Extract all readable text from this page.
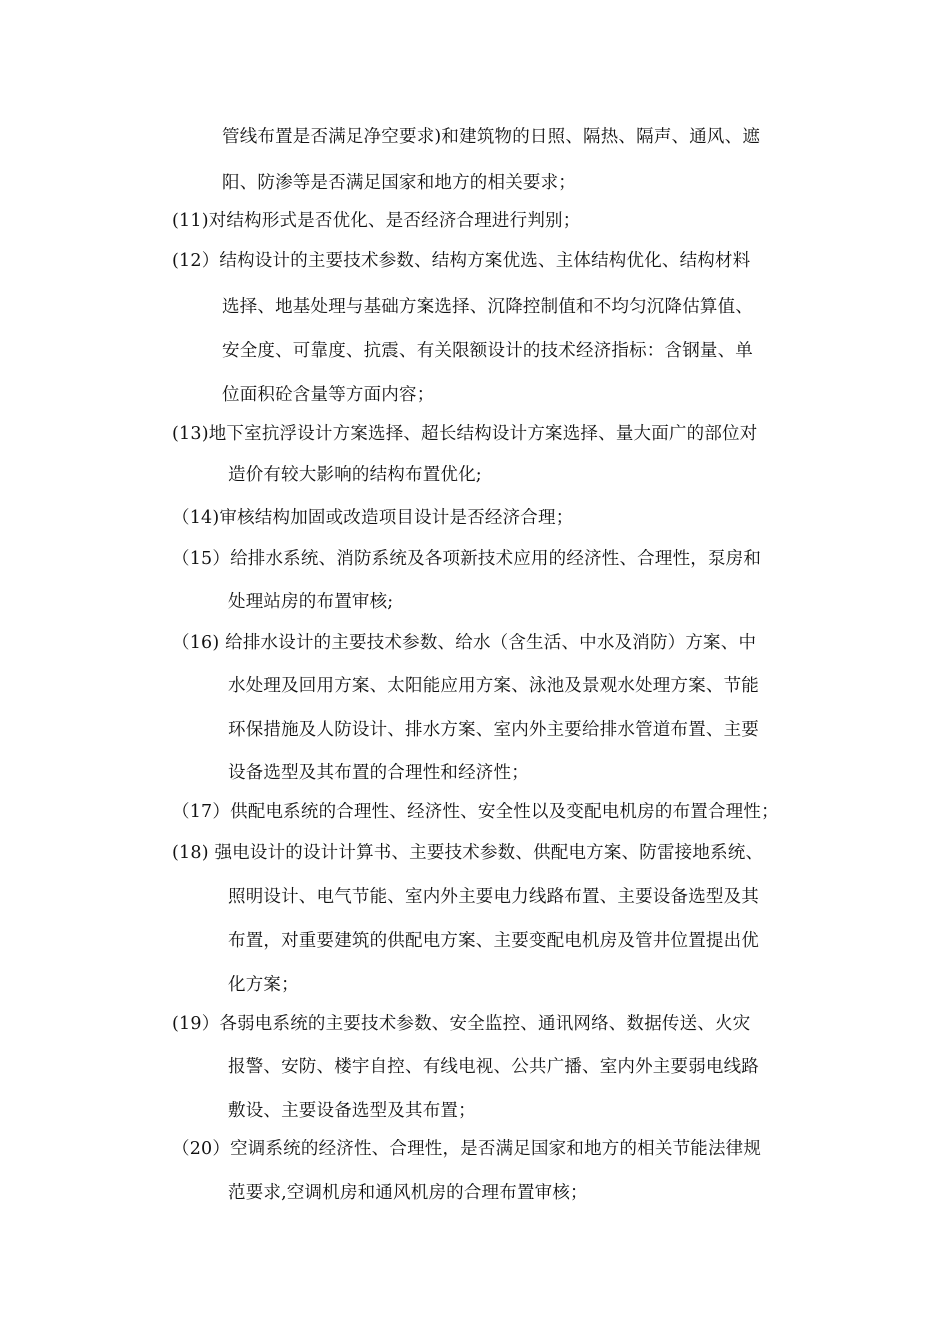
管线布置是否满足净空要求)和建筑物的日照、隔热、隔声、通风、遮
阳、防渗等是否满足国家和地方的相关要求；
(11)对结构形式是否优化、是否经济合理进行判别；
(12）结构设计的主要技术参数、结构方案优选、主体结构优化、结构材料
选择、地基处理与基础方案选择、沉降控制值和不均匀沉降估算值、
安全度、可靠度、抗震、有关限额设计的技术经济指标：含钢量、单
位面积砼含量等方面内容；
(13)地下室抗浮设计方案选择、超长结构设计方案选择、量大面广的部位对
造价有较大影响的结构布置优化;
（14)审核结构加固或改造项目设计是否经济合理；
（15）给排水系统、消防系统及各项新技术应用的经济性、合理性，泵房和
处理站房的布置审核;
（16) 给排水设计的主要技术参数、给水（含生活、中水及消防）方案、中
水处理及回用方案、太阳能应用方案、泳池及景观水处理方案、节能
环保措施及人防设计、排水方案、室内外主要给排水管道布置、主要
设备选型及其布置的合理性和经济性；
（17）供配电系统的合理性、经济性、安全性以及变配电机房的布置合理性；
(18) 强电设计的设计计算书、主要技术参数、供配电方案、防雷接地系统、
照明设计、电气节能、室内外主要电力线路布置、主要设备选型及其
布置，对重要建筑的供配电方案、主要变配电机房及管井位置提出优
化方案；
(19）各弱电系统的主要技术参数、安全监控、通讯网络、数据传送、火灾
报警、安防、楼宇自控、有线电视、公共广播、室内外主要弱电线路
敷设、主要设备选型及其布置；
（20）空调系统的经济性、合理性，是否满足国家和地方的相关节能法律规
范要求,空调机房和通风机房的合理布置审核；
